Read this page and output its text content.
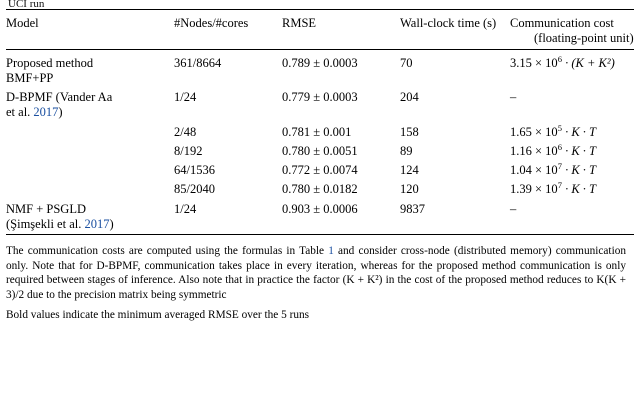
UCI run

Model	#Nodes/#cores	RMSE	Wall-clock time (s)	Communication cost
(floating-point unit)

Proposed method
BMF+PP	361/8664	0.789 ± 0.0003	70	$3.15 \times 10^6 \cdot (K + K^2)$
D-BPMF (Vander Aa
et al. 2017)	1/24	0.779 ± 0.0003	204	–
	2/48	0.781 ± 0.001	158	$1.65 \times 10^5 \cdot K \cdot T$
	8/192	0.780 ± 0.0051	89	$1.16 \times 10^6 \cdot K \cdot T$
	64/1536	0.772 ± 0.0074	124	$1.04 \times 10^7 \cdot K \cdot T$
	85/2040	0.780 ± 0.0182	120	$1.39 \times 10^7 \cdot K \cdot T$
NMF + PSGLD
(Şimşekli et al. 2017)	1/24	0.903 ± 0.0006	9837	–

The communication costs are computed using the formulas in Table 1 and consider cross-node (distributed memory) communication only. Note that for D-BPMF, communication takes place in every iteration, whereas for the proposed method communication is only required between stages of inference. Also note that in practice the factor (K + K²) in the cost of the proposed method reduces to K(K + 3)/2 due to the precision matrix being symmetric

Bold values indicate the minimum averaged RMSE over the 5 runs
